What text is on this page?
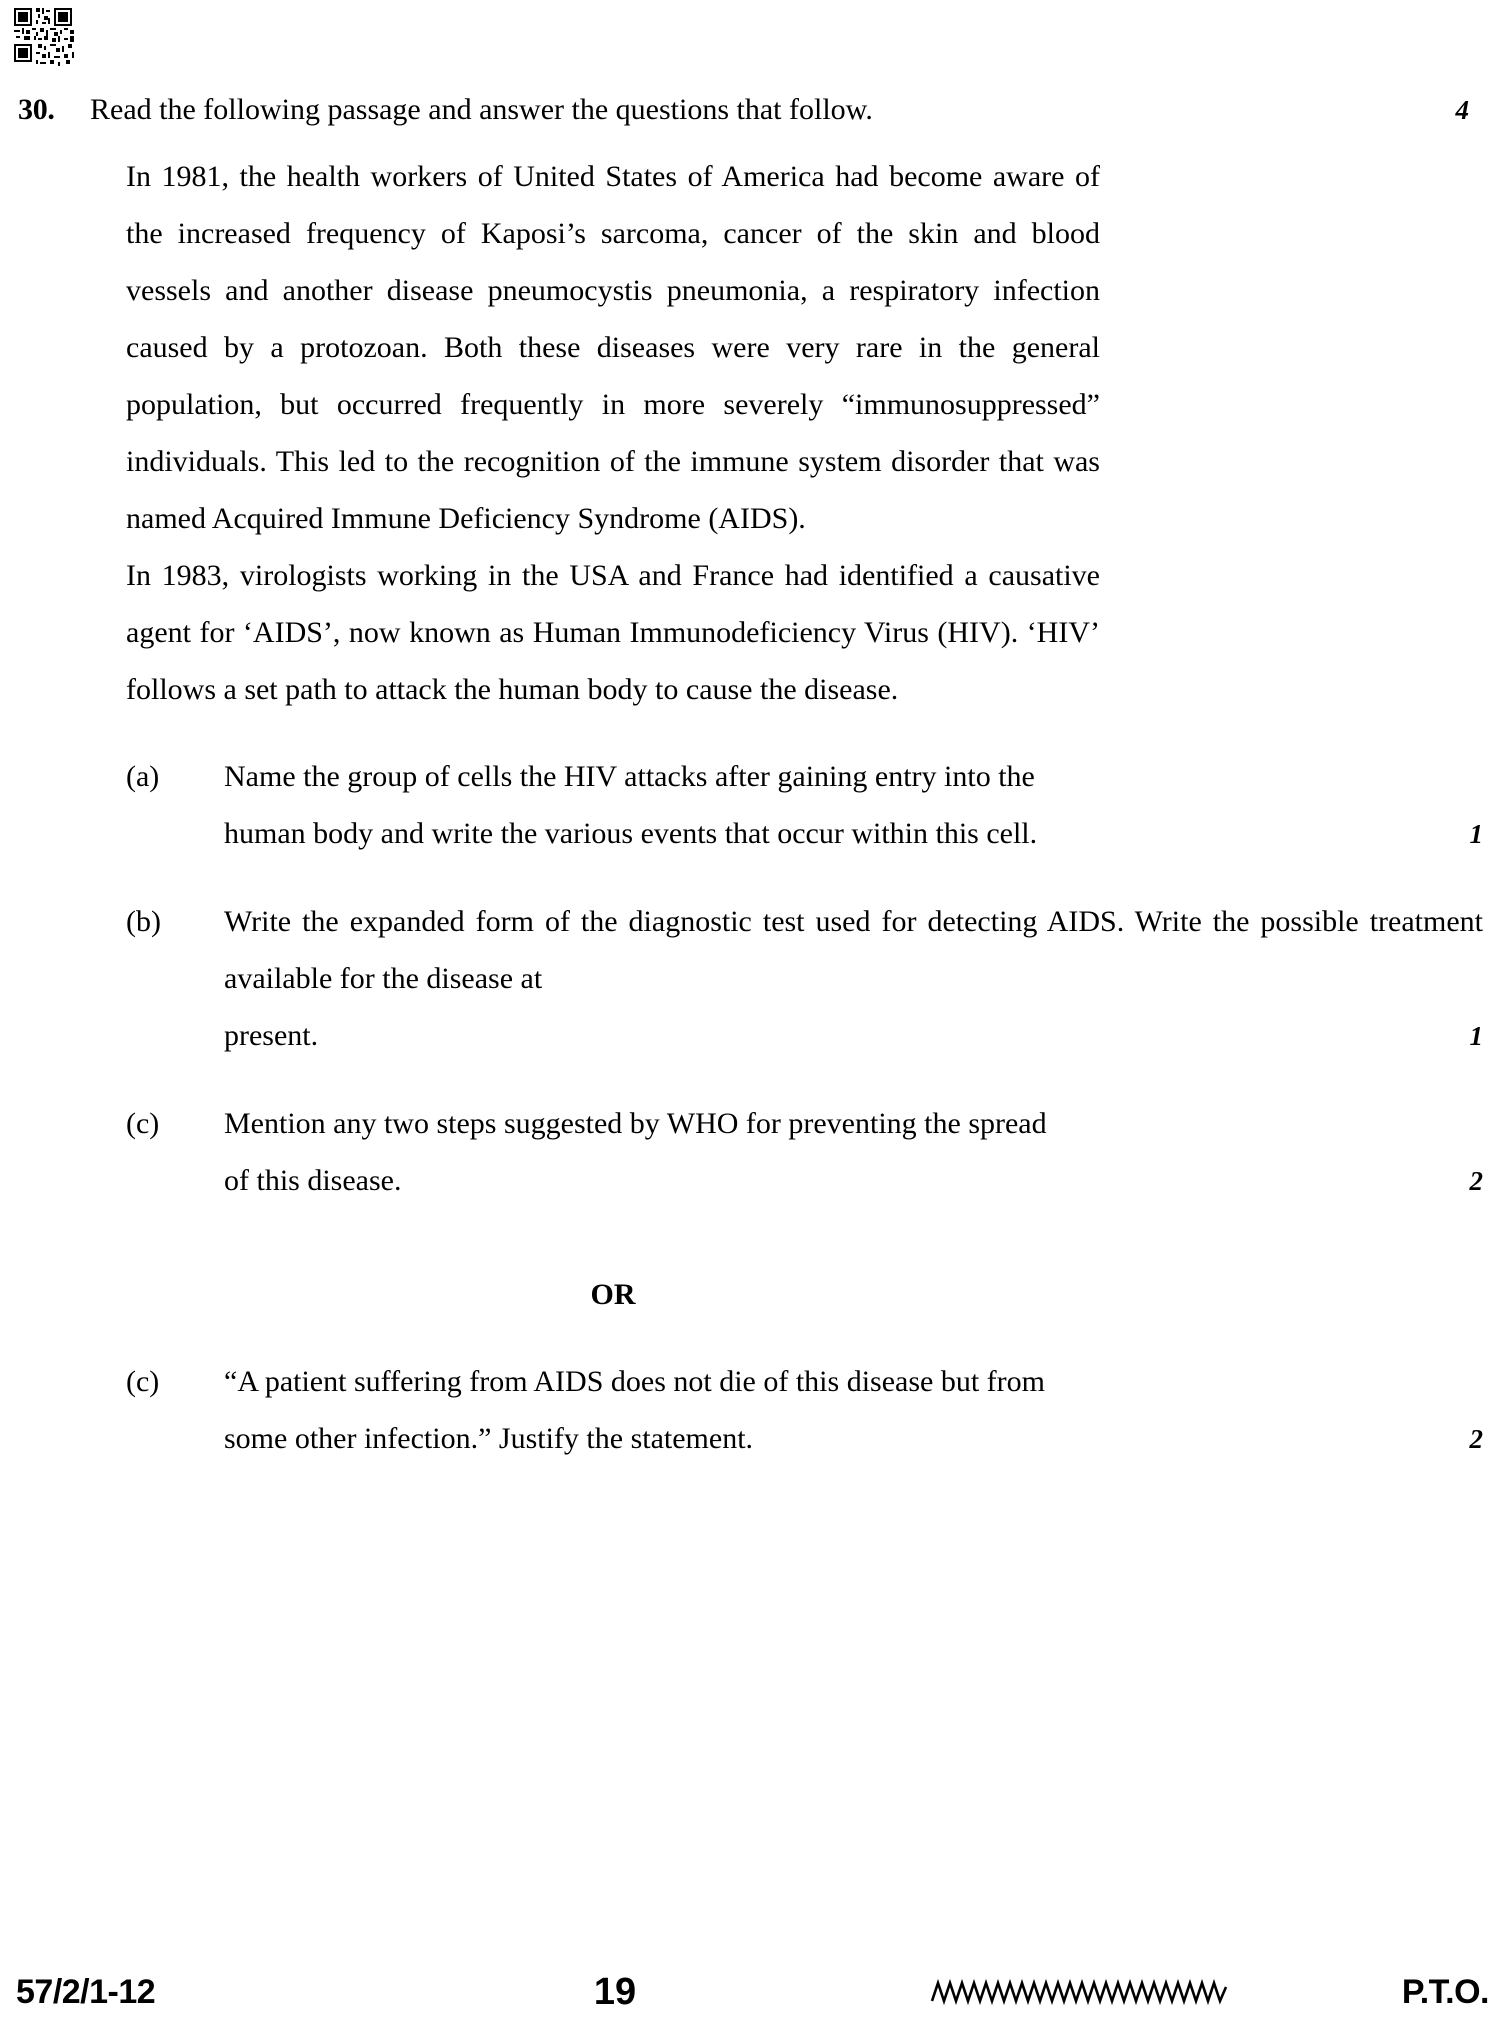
30.	Read the following passage and answer the questions that follow.	4

In 1981, the health workers of United States of America had become aware of the increased frequency of Kaposi’s sarcoma, cancer of the skin and blood vessels and another disease pneumocystis pneumonia, a respiratory infection caused by a protozoan. Both these diseases were very rare in the general population, but occurred frequently in more severely “immunosuppressed” individuals. This led to the recognition of the immune system disorder that was named Acquired Immune Deficiency Syndrome (AIDS).

In 1983, virologists working in the USA and France had identified a causative agent for ‘AIDS’, now known as Human Immunodeficiency Virus (HIV). ‘HIV’ follows a set path to attack the human body to cause the disease.

(a)	Name the group of cells the HIV attacks after gaining entry into the
human body and write the various events that occur within this cell.	1
(b)	Write the expanded form of the diagnostic test used for detecting AIDS. Write the possible treatment available for the disease at
present.	1
(c)	Mention any two steps suggested by WHO for preventing the spread
of this disease.	2
OR
(c)	“A patient suffering from AIDS does not die of this disease but from
some other infection.” Justify the statement.	2
57/2/1-12	19	P.T.O.
